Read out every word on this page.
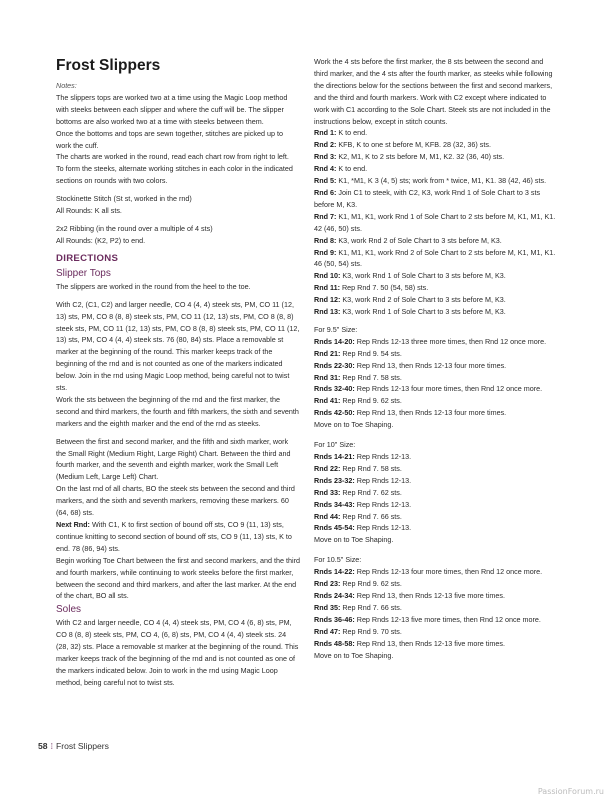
Frost Slippers

Notes:

The slippers tops are worked two at a time using the Magic Loop method with steeks between each slipper and where the cuff will be. The slipper bottoms are also worked two at a time with steeks between them.

Once the bottoms and tops are sewn together, stitches are picked up to work the cuff.

The charts are worked in the round, read each chart row from right to left.

To form the steeks, alternate working stitches in each color in the indicated sections on rounds with two colors.

Stockinette Stitch (St st, worked in the rnd)

All Rounds: K all sts.

2x2 Ribbing (in the round over a multiple of 4 sts)

All Rounds: (K2, P2) to end.

DIRECTIONS
Slipper Tops

The slippers are worked in the round from the heel to the toe.

With C2, (C1, C2) and larger needle, CO 4 (4, 4) steek sts, PM, CO 11 (12, 13) sts, PM, CO 8 (8, 8) steek sts, PM, CO 11 (12, 13) sts, PM, CO 8 (8, 8) steek sts, PM, CO 11 (12, 13) sts, PM, CO 8 (8, 8) steek sts, PM, CO 11 (12, 13) sts, PM, CO 4 (4, 4) steek sts. 76 (80, 84) sts. Place a removable st marker at the beginning of the round. This marker keeps track of the beginning of the rnd and is not counted as one of the markers indicated below. Join in the rnd using Magic Loop method, being careful not to twist sts.

Work the sts between the beginning of the rnd and the first marker, the second and third markers, the fourth and fifth markers, the sixth and seventh markers and the eighth marker and the end of the rnd as steeks.

Between the first and second marker, and the fifth and sixth marker, work the Small Right (Medium Right, Large Right) Chart. Between the third and fourth marker, and the seventh and eighth marker, work the Small Left (Medium Left, Large Left) Chart.

On the last rnd of all charts, BO the steek sts between the second and third markers, and the sixth and seventh markers, removing these markers. 60 (64, 68) sts.

Next Rnd: With C1, K to first section of bound off sts, CO 9 (11, 13) sts, continue knitting to second section of bound off sts, CO 9 (11, 13) sts, K to end. 78 (86, 94) sts.

Begin working Toe Chart between the first and second markers, and the third and fourth markers, while continuing to work steeks before the first marker, between the second and third markers, and after the last marker. At the end of the chart, BO all sts.

Soles

With C2 and larger needle, CO 4 (4, 4) steek sts, PM, CO 4 (6, 8) sts, PM, CO 8 (8, 8) steek sts, PM, CO 4, (6, 8) sts, PM, CO 4 (4, 4) steek sts. 24 (28, 32) sts. Place a removable st marker at the beginning of the round. This marker keeps track of the beginning of the rnd and is not counted as one of the markers indicated below. Join to work in the rnd using Magic Loop method, being careful not to twist sts.

Work the 4 sts before the first marker, the 8 sts between the second and third marker, and the 4 sts after the fourth marker, as steeks while following the directions below for the sections between the first and second markers, and the third and fourth markers. Work with C2 except where indicated to work with C1 according to the Sole Chart. Steek sts are not included in the instructions below, except in stitch counts.

Rnd 1: K to end.

Rnd 2: KFB, K to one st before M, KFB. 28 (32, 36) sts.

Rnd 3: K2, M1, K to 2 sts before M, M1, K2. 32 (36, 40) sts.

Rnd 4: K to end.

Rnd 5: K1, *M1, K 3 (4, 5) sts; work from * twice, M1, K1. 38 (42, 46) sts.

Rnd 6: Join C1 to steek, with C2, K3, work Rnd 1 of Sole Chart to 3 sts before M, K3.

Rnd 7: K1, M1, K1, work Rnd 1 of Sole Chart to 2 sts before M, K1, M1, K1. 42 (46, 50) sts.

Rnd 8: K3, work Rnd 2 of Sole Chart to 3 sts before M, K3.

Rnd 9: K1, M1, K1, work Rnd 2 of Sole Chart to 2 sts before M, K1, M1, K1. 46 (50, 54) sts.

Rnd 10: K3, work Rnd 1 of Sole Chart to 3 sts before M, K3.

Rnd 11: Rep Rnd 7. 50 (54, 58) sts.

Rnd 12: K3, work Rnd 2 of Sole Chart to 3 sts before M, K3.

Rnd 13: K3, work Rnd 1 of Sole Chart to 3 sts before M, K3.

For 9.5" Size:

Rnds 14-20: Rep Rnds 12-13 three more times, then Rnd 12 once more.

Rnd 21: Rep Rnd 9. 54 sts.

Rnds 22-30: Rep Rnd 13, then Rnds 12-13 four more times.

Rnd 31: Rep Rnd 7. 58 sts.

Rnds 32-40: Rep Rnds 12-13 four more times, then Rnd 12 once more.

Rnd 41: Rep Rnd 9. 62 sts.

Rnds 42-50: Rep Rnd 13, then Rnds 12-13 four more times.

Move on to Toe Shaping.

For 10" Size:

Rnds 14-21: Rep Rnds 12-13.

Rnd 22: Rep Rnd 7. 58 sts.

Rnds 23-32: Rep Rnds 12-13.

Rnd 33: Rep Rnd 7. 62 sts.

Rnds 34-43: Rep Rnds 12-13.

Rnd 44: Rep Rnd 7. 66 sts.

Rnds 45-54: Rep Rnds 12-13.

Move on to Toe Shaping.

For 10.5" Size:

Rnds 14-22: Rep Rnds 12-13 four more times, then Rnd 12 once more.

Rnd 23: Rep Rnd 9. 62 sts.

Rnds 24-34: Rep Rnd 13, then Rnds 12-13 five more times.

Rnd 35: Rep Rnd 7. 66 sts.

Rnds 36-46: Rep Rnds 12-13 five more times, then Rnd 12 once more.

Rnd 47: Rep Rnd 9. 70 sts.

Rnds 48-58: Rep Rnd 13, then Rnds 12-13 five more times.

Move on to Toe Shaping.

58 ⁞ Frost Slippers
PassionForum.ru
